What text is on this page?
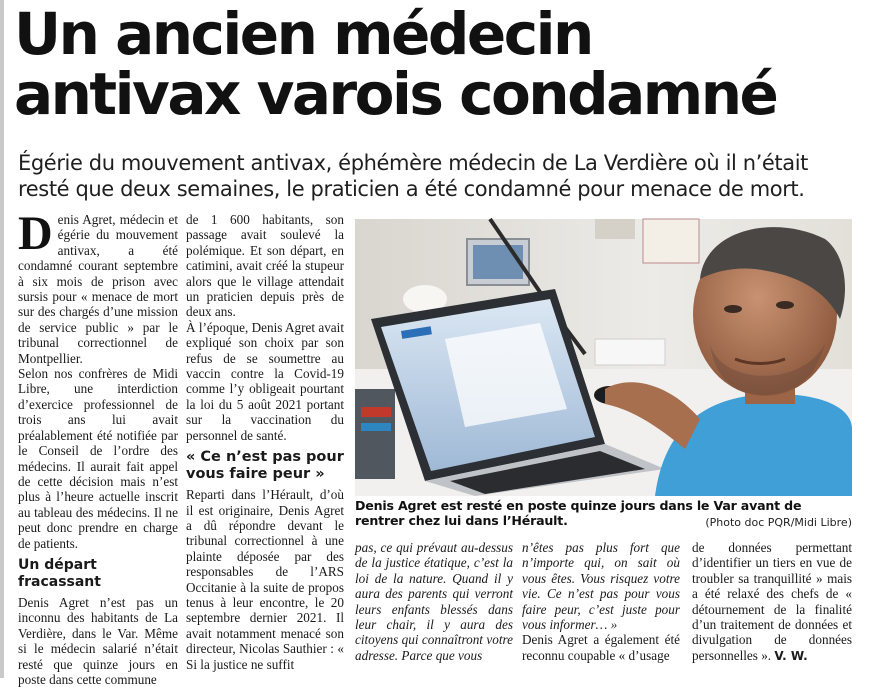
Un ancien médecin
antivax varois condamné

Égérie du mouvement antivax, éphémère médecin de La Verdière où il n’était resté que deux semaines, le praticien a été condamné pour menace de mort.

Denis Agret, médecin et égérie du mouvement antivax, a été condamné courant septembre à six mois de prison avec sursis pour « menace de mort sur des chargés d’une mission de service public » par le tribunal correctionnel de Montpellier.

Selon nos confrères de Midi Libre, une interdiction d’exercice professionnel de trois ans lui avait préalablement été notifiée par le Conseil de l’ordre des médecins. Il aurait fait appel de cette décision mais n’est plus à l’heure actuelle inscrit au tableau des médecins. Il ne peut donc prendre en charge de patients.

Un départ fracassant

Denis Agret n’est pas un inconnu des habitants de La Verdière, dans le Var. Même si le médecin salarié n’était resté que quinze jours en poste dans cette commune

de 1 600 habitants, son passage avait soulevé la polémique. Et son départ, en catimini, avait créé la stupeur alors que le village attendait un praticien depuis près de deux ans.

À l’époque, Denis Agret avait expliqué son choix par son refus de se soumettre au vaccin contre la Covid-19 comme l’y obligeait pourtant la loi du 5 août 2021 portant sur la vaccination du personnel de santé.

« Ce n’est pas pour vous faire peur »

Reparti dans l’Hérault, d’où il est originaire, Denis Agret a dû répondre devant le tribunal correctionnel à une plainte déposée par des responsables de l’ARS Occitanie à la suite de propos tenus à leur encontre, le 20 septembre dernier 2021. Il avait notamment menacé son directeur, Nicolas Sauthier : « Si la justice ne suffit

Denis Agret est resté en poste quinze jours dans le Var avant de rentrer chez lui dans l’Hérault.	(Photo doc PQR/Midi Libre)

pas, ce qui prévaut au-dessus de la justice étatique, c’est la loi de la nature. Quand il y aura des parents qui verront leurs enfants blessés dans leur chair, il y aura des citoyens qui connaîtront votre adresse. Parce que vous

n’êtes pas plus fort que n’importe qui, on sait où vous êtes. Vous risquez votre vie. Ce n’est pas pour vous faire peur, c’est juste pour vous informer… »

Denis Agret a également été reconnu coupable « d’usage

de données permettant d’identifier un tiers en vue de troubler sa tranquillité » mais a été relaxé des chefs de « détournement de la finalité d’un traitement de données et divulgation de données personnelles ». V. W.
